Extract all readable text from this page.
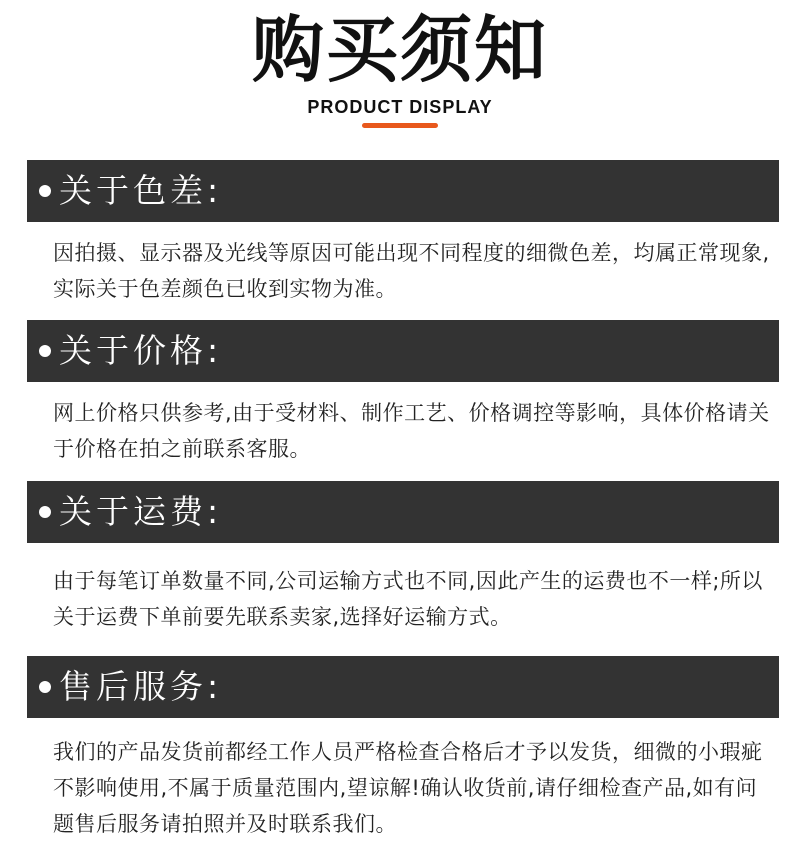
购买须知
PRODUCT DISPLAY
关于色差:
因拍摄、显示器及光线等原因可能出现不同程度的细微色差，均属正常现象,实际关于色差颜色已收到实物为准。
关于价格:
网上价格只供参考,由于受材料、制作工艺、价格调控等影响，具体价格请关于价格在拍之前联系客服。
关于运费:
由于每笔订单数量不同,公司运输方式也不同,因此产生的运费也不一样;所以关于运费下单前要先联系卖家,选择好运输方式。
售后服务:
我们的产品发货前都经工作人员严格检查合格后才予以发货，细微的小瑕疵不影响使用,不属于质量范围内,望谅解!确认收货前,请仔细检查产品,如有问题售后服务请拍照并及时联系我们。
